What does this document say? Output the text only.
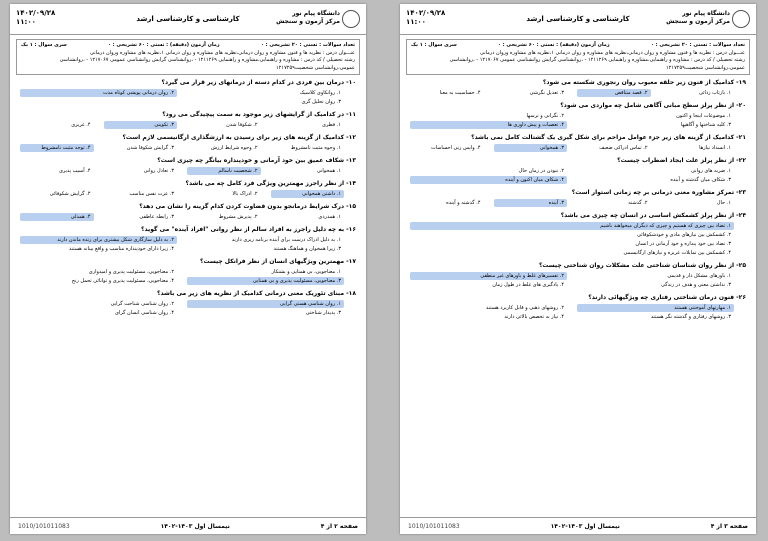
دانشگاه پیام نور
مرکز آزمون و سنجش
کارشناسی و کارشناسی ارشد
۱۴۰۲/۰۹/۲۸
۱۱:۰۰
تعداد سوالات : تستی : ۲۰ تشریحی : ۰
زمان آزمون (دقیقه) : تستی : ۶۰ تشریحی : ۰
سری سوال : ۱ یک
عنـــوان درس : نظریه ها و فنون مشاوره و روان درمانی،نظریه های مشاوره و روان درمانی ۱،نظریه های مشاوره وروان درمانی
رشته تحصیلی / کد درس : مشاوره و راهنمایی،مشاوره و راهنمایی ۱۲۱۱۲۶۹ - ،روانشناسی گرایش روانشناسی عمومی ۱۲۱۷۰۶۷ - ،روانشناسی عمومی،روانشناسی شخصیت۱۲۱۷۲۵۹
۱۰- درمان بین فردی در کدام دسته از درمانهای زیر قرار می گیرد؟
۱. روانکاوی کلاسیک
۲. روان درمانی پویشی کوتاه مدت
۳. روان تحلیل گری
۱۱- در کدامیک از گرایشهای زیر موجود به سمت پیچیدگی می رود؟
۱. فطری
۲. شکوفا شدن
۳. تکوینی
۴. غریزی
۱۲- کدامیک از گزینه های زیر برای رسیدن به ارزشگذاری ارگانیسمی لازم است؟
۱. وجوه مثبت نامشروط
۲. وجوه شرایط ارزش
۳. گرایش شکوفا شدن
۴. توجه مثبت نامشروط
۱۳- شکاف عمیق بین خود آرمانی و خودپنداره بیانگر چه چیزی است؟
۱. همخوانی
۲. شخصیت ناسالم
۳. تعادل روانی
۴. آسیب پذیری
۱۴- از نظر راجرز مهمترین ویژگی فرد کامل چه می باشد؟
۱. داشتن همخوانی
۲. ادراک بالا
۳. عزت نفس مناسب
۴. گرایش شکوفائی
۱۵- درک شرایط درمانجو بدون قضاوت کردن کدام گزینه را نشان می دهد؟
۱. همدردی
۲. پذیرش مشروط
۳. رابطه عاطفی
۴. همدلی
۱۶- به چه دلیل راجرز به افراد سالم از نظر روانی "افراد آینده" می گوید؟
۱. به دلیل ادراک درست برای آینده برنامه ریزی دارند
۲. به دلیل سازگاری شکل بیشتری برای زنده ماندن دارند
۳. زیرا همخوان و هماهنگ هستند
۴. زیرا دارای خودپنداره مناسب و واقع بینانه هستند
۱۷- مهمترین ویژگیهای انسان از نظر فرانکل چیست؟
۱. معناجویی، بی همتایی و بشتکار
۲. معناجویی، مسئولیت پذیری و امیدواری
۳. معناجویی، مسئولیت پذیری و بی همتایی
۴. معناجویی، مسئولیت پذیری و توانائی تحمل رنج
۱۸- مبنای تئوریک معنی درمانی کدامیک از نظریه های زیر می باشد؟
۱. روان شناسی هستی گرایی
۲. روان شناسی شناخت گرایی
۳. پدیدار شناختی
۴. روان شناسی انسان گرای
صفحه ۲ از ۴
نیمسال اول ۱۴۰۳-۱۴۰۲
1010/101011083
دانشگاه پیام نور
مرکز آزمون و سنجش
کارشناسی و کارشناسی ارشد
۱۴۰۲/۰۹/۲۸
۱۱:۰۰
تعداد سوالات : تستی : ۲۰ تشریحی : ۰
زمان آزمون (دقیقه) : تستی : ۶۰ تشریحی : ۰
سری سوال : ۱ یک
عنـــوان درس : نظریه ها و فنون مشاوره و روان درمانی،نظریه های مشاوره و روان درمانی ۱،نظریه های مشاوره وروان درمانی
رشته تحصیلی / کد درس : مشاوره و راهنمایی،مشاوره و راهنمایی ۱۲۱۱۲۶۹ - ،روانشناسی گرایش روانشناسی عمومی ۱۲۱۷۰۶۷ - ،روانشناسی عمومی،روانشناسی شخصیت۱۲۱۷۲۵۹
۱۹- کدامیک از فنون زیر حلقه معیوب روان رنجوری شکسته می شود؟
۱. بازتاب زدائی
۲. قصد متناقض
۳. تعدیل نگرشی
۴. حساسیت به معنا
۲۰- از نظر پرلز سطح مبانی آگاهی شامل چه مواردی می شود؟
۱. موضوعات اینجا و اکنون
۲. نگرانی و ترسها
۳. کلیه شناختها و آگاهیها
۴. تعصبات و پیش داوری ها
۲۱- کدامیک از گزینه های زیر جزء عوامل مزاحم برای شکل گیری یک گشتالت کامل نمی باشد؟
۱. انسداد نیازها
۲. تماس ادراکی ضعیف
۳. همخوانی
۴. واپس زنی احساسات
۲۲- از نظر پرلز علت ایجاد اضطراب چیست؟
۱. ضربه های روانی
۲. نبودن در زمان حال
۳. شکاف میان گذشته و آینده
۴. شکاف میان اکنون و آینده
۲۳- تمرکز مشاوره معنی درمانی بر چه زمانی استوار است؟
۱. حال
۲. گذشته
۳. آینده
۴. گذشته و آینده
۲۴- از نظر پرلز کشمکش اساسی در انسان چه چیزی می باشد؟
۱. تضاد بین چیزی که هستیم و چیزی که دیگران میخواهند باشیم
۲. کشمکش بین نیازهای مادی و خودشکوفائی
۳. تضاد بین خود پنداره و خود آرمانی در انسان
۴. کشمکش بین تمایلات غریزه و نیازهای ارگانیسمی
۲۵- از نظر روان شناسان شناختی علت مشکلات روان شناختی چیست؟
۱. باورهای مشکل دار و قدیمی
۲. تفسیرهای غلط و باورهای غیر منطقی
۳. نداشتن معنی و هدف در زندگی
۴. یادگیری های غلط در طول زمان
۲۶- فنون درمان شناختی رفتاری چه ویژگیهائی دارند؟
۱. مهارتهای آموختنی هستند
۲. روشهای ذهنی و قابل کاربرد هستند
۳. روشهای رفتاری و گذشته نگر هستند
۴. نیاز به تخصص بالائی دارند
صفحه ۳ از ۴
نیمسال اول ۱۴۰۳-۱۴۰۲
1010/101011083
